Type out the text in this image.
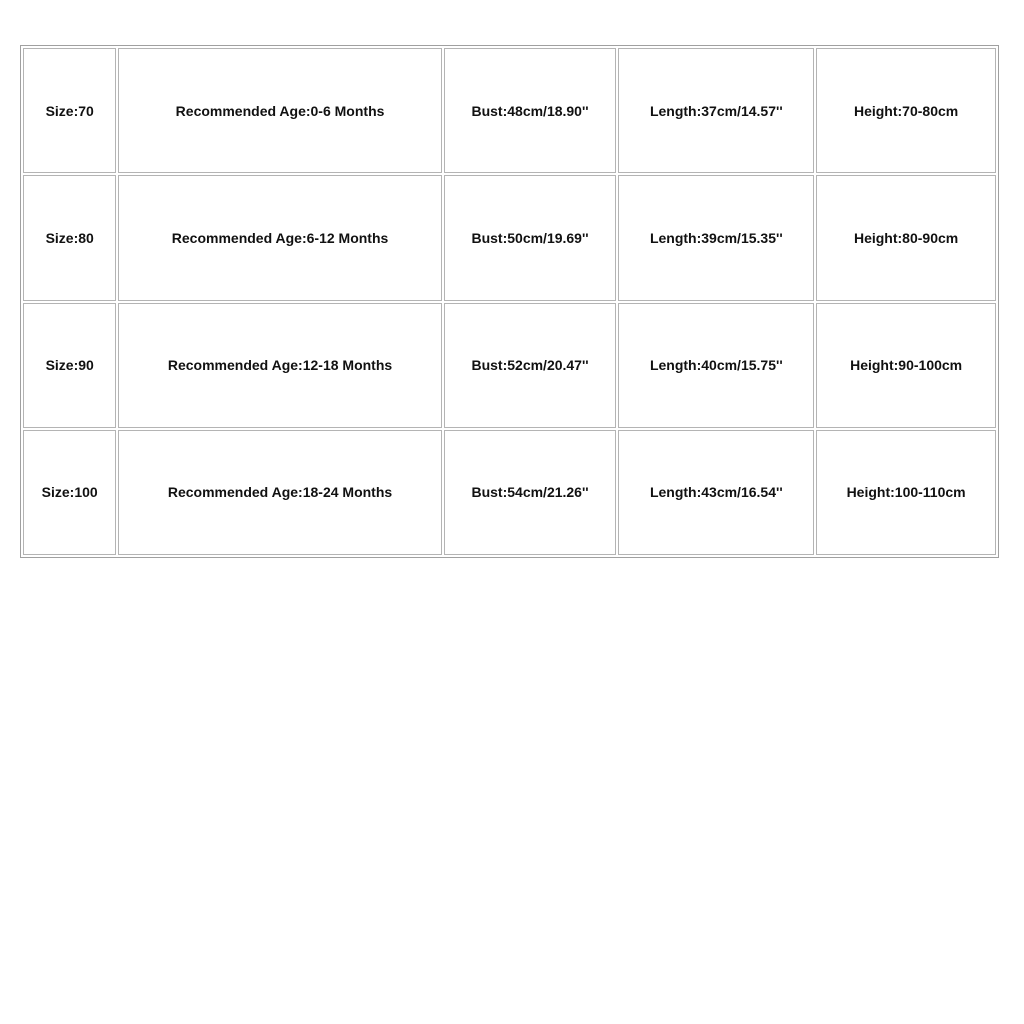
Size:70	Recommended Age:0-6 Months	Bust:48cm/18.90''	Length:37cm/14.57''	Height:70-80cm
Size:80	Recommended Age:6-12 Months	Bust:50cm/19.69''	Length:39cm/15.35''	Height:80-90cm
Size:90	Recommended Age:12-18 Months	Bust:52cm/20.47''	Length:40cm/15.75''	Height:90-100cm
Size:100	Recommended Age:18-24 Months	Bust:54cm/21.26''	Length:43cm/16.54''	Height:100-110cm
